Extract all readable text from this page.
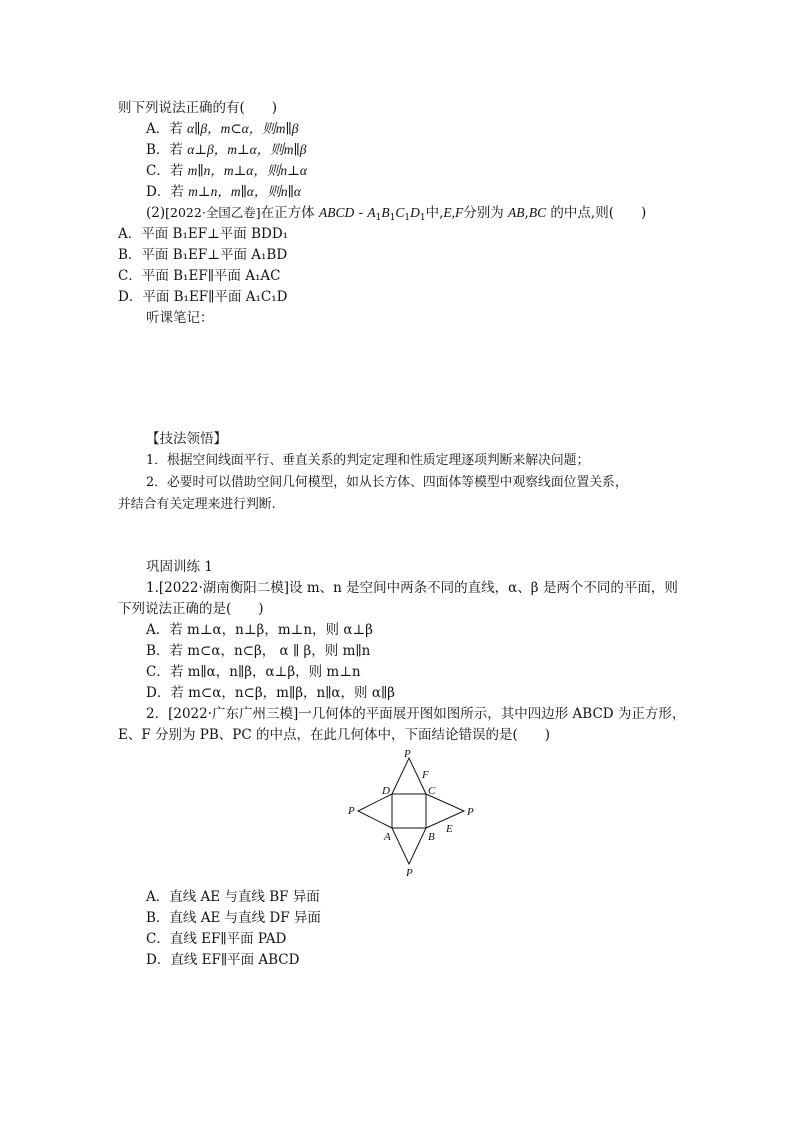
则下列说法正确的有(　　)
A．若 α∥β，m⊂α，则m∥β
B．若 α⊥β，m⊥α，则m∥β
C．若 m∥n，m⊥α，则n⊥α
D．若 m⊥n，m∥α，则n∥α
(2)[2022·全国乙卷]在正方体 ABCD - $A_1B_1C_1D_1$中,E,F分别为 AB,BC 的中点,则(　　)
A．平面 B₁EF⊥平面 BDD₁
B．平面 B₁EF⊥平面 A₁BD
C．平面 B₁EF∥平面 A₁AC
D．平面 B₁EF∥平面 A₁C₁D
听课笔记：
【技法领悟】
1．根据空间线面平行、垂直关系的判定定理和性质定理逐项判断来解决问题；
2．必要时可以借助空间几何模型，如从长方体、四面体等模型中观察线面位置关系，
并结合有关定理来进行判断.
巩固训练 1
1.[2022·湖南衡阳二模]设 m、n 是空间中两条不同的直线，α、β 是两个不同的平面，则
下列说法正确的是(　　)
A．若 m⊥α，n⊥β，m⊥n，则 α⊥β
B．若 m⊂α，n⊂β， α ∥ β，则 m∥n
C．若 m∥α，n∥β，α⊥β，则 m⊥n
D．若 m⊂α，n⊂β，m∥β，n∥α，则 α∥β
2．[2022·广东广州三模]一几何体的平面展开图如图所示，其中四边形 ABCD 为正方形，
E、F 分别为 PB、PC 的中点，在此几何体中，下面结论错误的是(　　)
P
P	P
P
D	C
A	B
F
E
A．直线 AE 与直线 BF 异面
B．直线 AE 与直线 DF 异面
C．直线 EF∥平面 PAD
D．直线 EF∥平面 ABCD
